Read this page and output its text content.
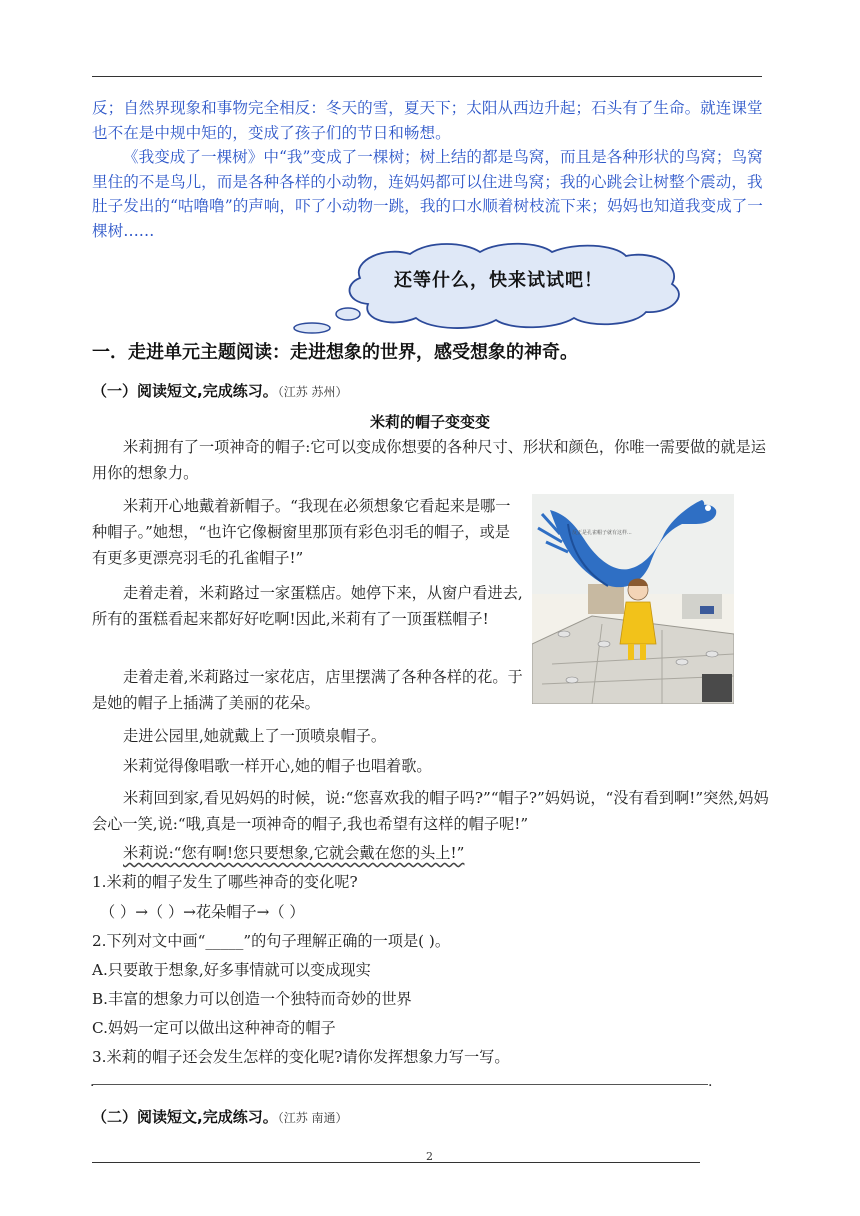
反；自然界现象和事物完全相反：冬天的雪，夏天下；太阳从西边升起；石头有了生命。就连课堂也不在是中规中矩的，变成了孩子们的节日和畅想。
《我变成了一棵树》中“我”变成了一棵树；树上结的都是鸟窝，而且是各种形状的鸟窝；鸟窝里住的不是鸟儿，而是各种各样的小动物，连妈妈都可以住进鸟窝；我的心跳会让树整个震动，我肚子发出的“咕噜噜”的声响，吓了小动物一跳，我的口水顺着树枝流下来；妈妈也知道我变成了一棵树……
还等什么，快来试试吧！
一．走进单元主题阅读：走进想象的世界，感受想象的神奇。
（一）阅读短文,完成练习。（江苏 苏州）
米莉的帽子变变变
米莉拥有了一项神奇的帽子:它可以变成你想要的各种尺寸、形状和颜色，你唯一需要做的就是运用你的想象力。
米莉开心地戴着新帽子。“我现在必须想象它看起来是哪一种帽子。”她想，“也许它像橱窗里那顶有彩色羽毛的帽子，或是有更多更漂亮羽毛的孔雀帽子!”
走着走着，米莉路过一家蛋糕店。她停下来，从窗户看进去,所有的蛋糕看起来都好好吃啊!因此,米莉有了一顶蛋糕帽子!
走着走着,米莉路过一家花店，店里摆满了各种各样的花。于是她的帽子上插满了美丽的花朵。
走进公园里,她就戴上了一顶喷泉帽子。
米莉觉得像唱歌一样开心,她的帽子也唱着歌。
米莉回到家,看见妈妈的时候，说:“您喜欢我的帽子吗?”“帽子?”妈妈说，“没有看到啊!”突然,妈妈会心一笑,说:“哦,真是一项神奇的帽子,我也希望有这样的帽子呢!”
米莉说:“您有啊!您只要想象,它就会戴在您的头上!”
反正是孔雀帽子就有这样...
1.米莉的帽子发生了哪些神奇的变化呢?
（ ）→（ ）→花朵帽子→（ ）
2.下列对文中画“_____”的句子理解正确的一项是( )。
A.只要敢于想象,好多事情就可以变成现实
B.丰富的想象力可以创造一个独特而奇妙的世界
C.妈妈一定可以做出这种神奇的帽子
3.米莉的帽子还会发生怎样的变化呢?请你发挥想象力写一写。
.	.
（二）阅读短文,完成练习。（江苏 南通）
2
